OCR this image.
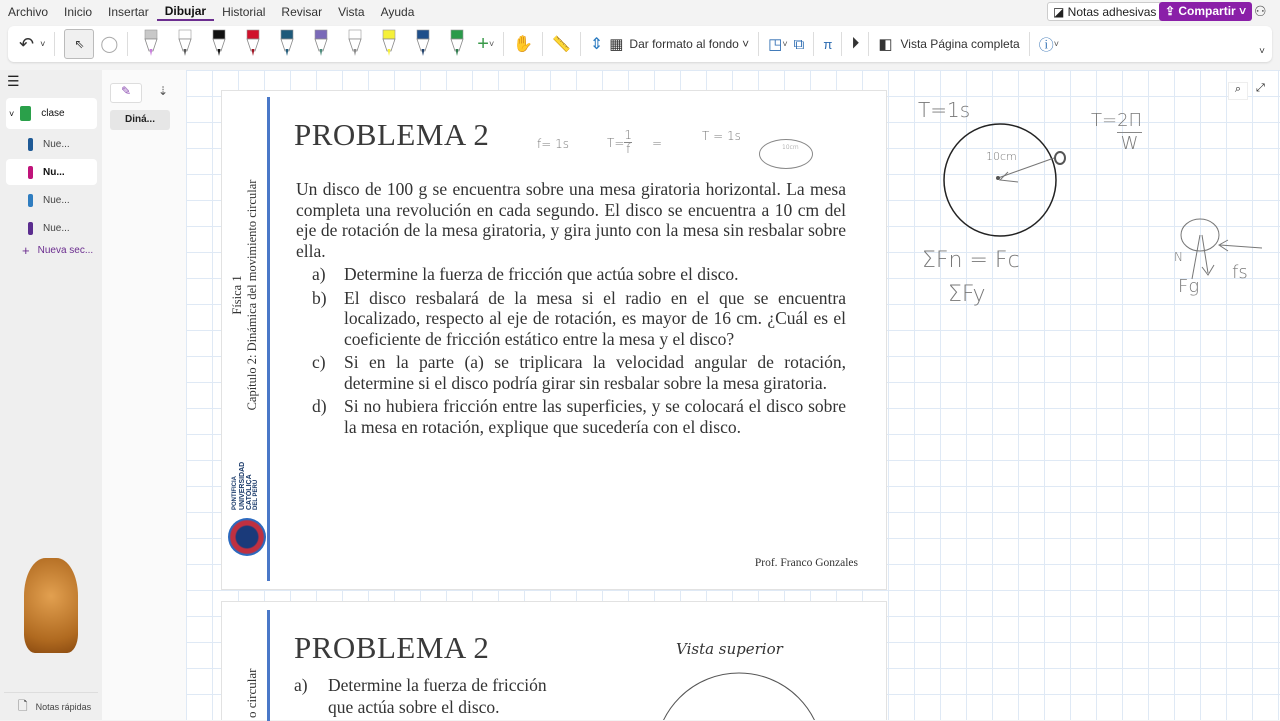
Archivo	Inicio	Insertar	Dibujar	Historial	Revisar	Vista	Ayuda	◪ Notas adhesivas ⇪ Compartir ˅ ⚇
↶ ˅	⇖ ◯	+ ˅ ✋ 📏 ⇕ ▦ Dar formato al fondo ˅ ◳ ˅ ⧉ π ⏵ ◧ Vista Página completa ⓘ ˅
˅
☰
˅	clase
Nue...
Nu...
Nue...
Nue...
+ Nueva sec...
🗋 Notas rápidas
✎	⇣
Diná...
⌕	⤢
Física 1 Capítulo 2: Dinámica del movimiento circular
PONTIFICIA UNIVERSIDAD CATÓLICA DEL PERÚ
PROBLEMA 2	f= 1s	$T= \frac{1}{f}$ =	T = 1s
10cm
Un disco de 100 g se encuentra sobre una mesa giratoria horizontal. La mesa completa una revolución en cada segundo. El disco se encuentra a 10 cm del eje de rotación de la mesa giratoria, y gira junto con la mesa sin resbalar sobre ella.
a)	Determine la fuerza de fricción que actúa sobre el disco.
b) El disco resbalará de la mesa si el radio en el que se encuentra localizado, respecto al eje de rotación, es mayor de 16 cm. ¿Cuál es el coeficiente de fricción estático entre la mesa y el disco?
c)	Si en la parte (a) se triplicara la velocidad angular de rotación, determine si el disco podría girar sin resbalar sobre la mesa giratoria.
d) Si no hubiera fricción entre las superficies, y se colocará el disco sobre la mesa en rotación, explique que sucedería con el disco.
Prof. Franco Gonzales
o circular
PROBLEMA 2
a)	Determine la fuerza de fricción
que actúa sobre el disco.
Vista superior
T=1s
10cm
$T= \frac{2\Pi}{W}$
ΣFn = Fc
ΣFy
N
Fg
fs
